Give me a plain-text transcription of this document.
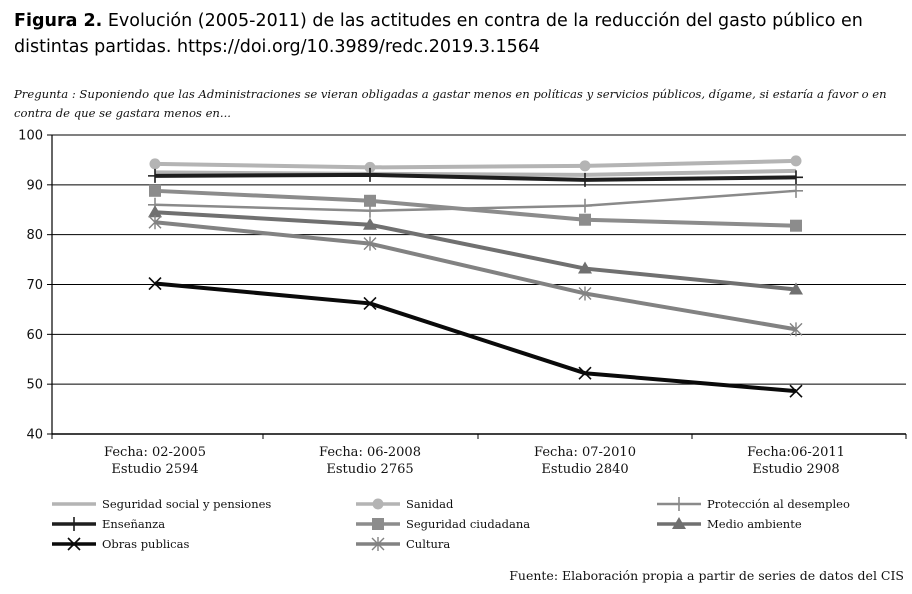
Figura 2. Evolución (2005-2011) de las actitudes en contra de la reducción del gasto público en distintas partidas. https://doi.org/10.3989/redc.2019.3.1564
Pregunta : Suponiendo que las Administraciones se vieran obligadas a gastar menos en políticas y servicios públicos, dígame, si estaría a favor o en contra de que se gastara menos en...
100
90
80
70
60
50
40
Fecha: 02-2005
Estudio 2594
Fecha: 06-2008
Estudio 2765
Fecha: 07-2010
Estudio 2840
Fecha:06-2011
Estudio 2908
Seguridad social y pensiones	Sanidad	Protección al desempleo
Enseñanza	Seguridad ciudadana	Medio ambiente
Obras publicas	Cultura
Fuente: Elaboración propia a partir de series de datos del CIS
